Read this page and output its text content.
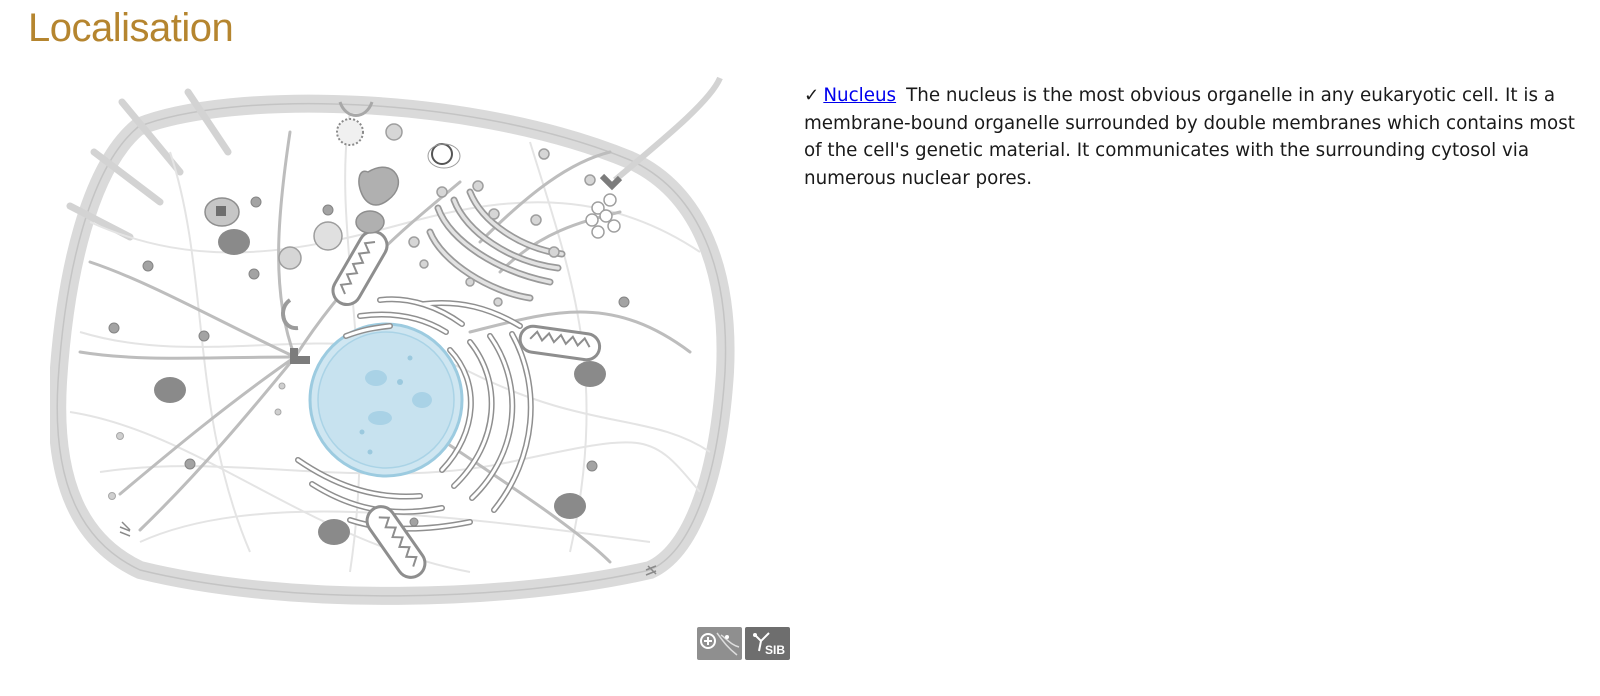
Localisation
✓ Nucleus The nucleus is the most obvious organelle in any eukaryotic cell. It is a membrane-bound organelle surrounded by double membranes which contains most of the cell's genetic material. It communicates with the surrounding cytosol via numerous nuclear pores.
SIB
